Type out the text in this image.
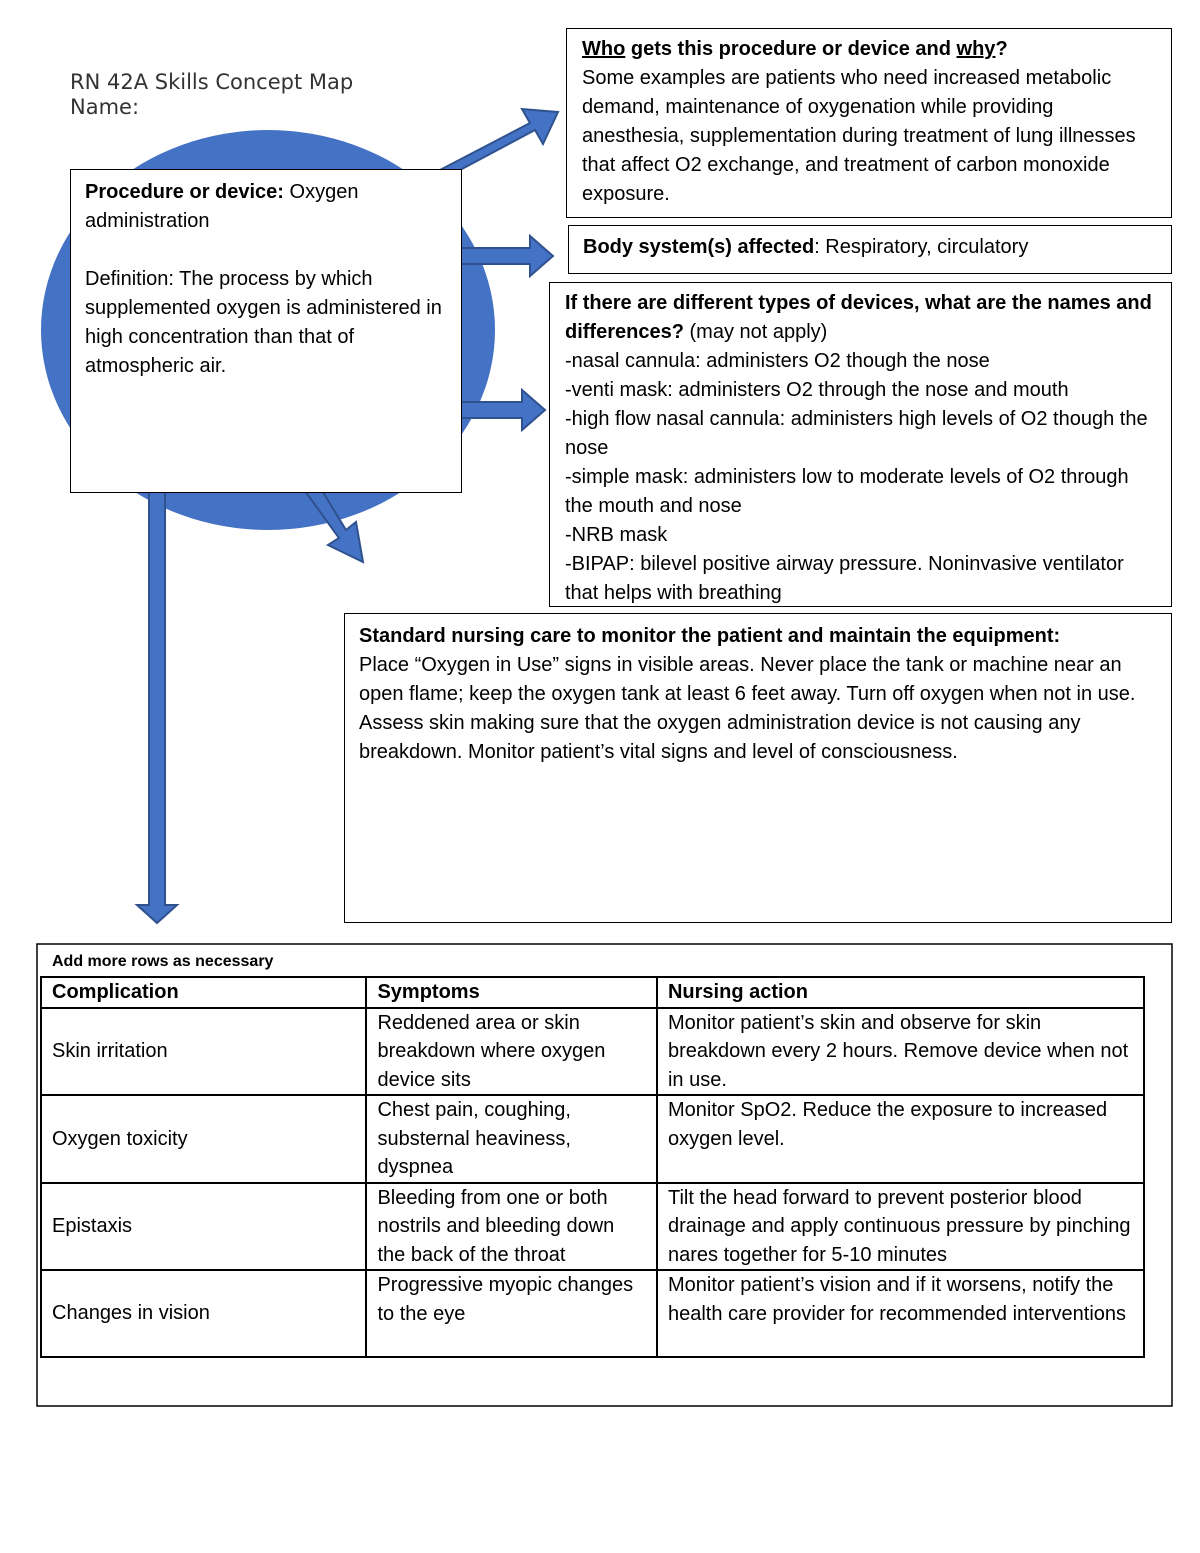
RN 42A Skills Concept Map
Name:
Procedure or device: Oxygen administration
Definition: The process by which supplemented oxygen is administered in high concentration than that of atmospheric air.
Who gets this procedure or device and why?
Some examples are patients who need increased metabolic demand, maintenance of oxygenation while providing anesthesia, supplementation during treatment of lung illnesses that affect O2 exchange, and treatment of carbon monoxide exposure.
Body system(s) affected: Respiratory, circulatory
If there are different types of devices, what are the names and differences? (may not apply)
-nasal cannula: administers O2 though the nose
-venti mask: administers O2 through the nose and mouth
-high flow nasal cannula: administers high levels of O2 though the nose
-simple mask: administers low to moderate levels of O2 through the mouth and nose
-NRB mask
-BIPAP: bilevel positive airway pressure. Noninvasive ventilator that helps with breathing
Standard nursing care to monitor the patient and maintain the equipment:
Place “Oxygen in Use” signs in visible areas. Never place the tank or machine near an open flame; keep the oxygen tank at least 6 feet away. Turn off oxygen when not in use. Assess skin making sure that the oxygen administration device is not causing any breakdown. Monitor patient’s vital signs and level of consciousness.
Add more rows as necessary
Complication	Symptoms	Nursing action
Skin irritation	Reddened area or skin breakdown where oxygen device sits	Monitor patient’s skin and observe for skin breakdown every 2 hours. Remove device when not in use.
Oxygen toxicity	Chest pain, coughing, substernal heaviness, dyspnea	Monitor SpO2. Reduce the exposure to increased oxygen level.
Epistaxis	Bleeding from one or both nostrils and bleeding down the back of the throat	Tilt the head forward to prevent posterior blood drainage and apply continuous pressure by pinching nares together for 5-10 minutes
Changes in vision	Progressive myopic changes to the eye	Monitor patient’s vision and if it worsens, notify the health care provider for recommended interventions
